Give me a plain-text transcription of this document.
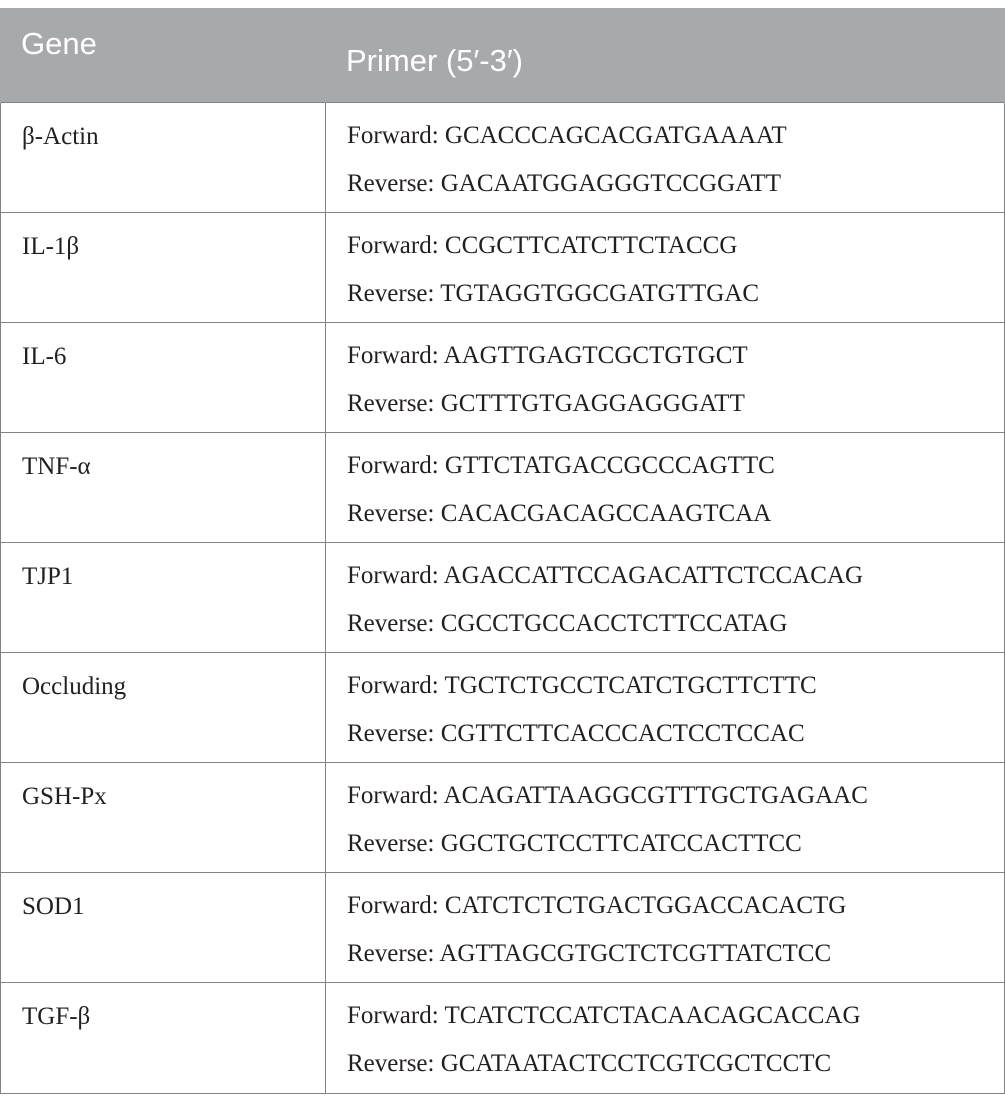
Gene	Primer (5′-3′)
β-Actin	Forward: GCACCCAGCACGATGAAAAT
Reverse: GACAATGGAGGGTCCGGATT

IL-1β	Forward: CCGCTTCATCTTCTACCG
Reverse: TGTAGGTGGCGATGTTGAC

IL-6	Forward: AAGTTGAGTCGCTGTGCT
Reverse: GCTTTGTGAGGAGGGATT

TNF-α	Forward: GTTCTATGACCGCCCAGTTC
Reverse: CACACGACAGCCAAGTCAA

TJP1	Forward: AGACCATTCCAGACATTCTCCACAG
Reverse: CGCCTGCCACCTCTTCCATAG

Occluding	Forward: TGCTCTGCCTCATCTGCTTCTTC
Reverse: CGTTCTTCACCCACTCCTCCAC

GSH-Px	Forward: ACAGATTAAGGCGTTTGCTGAGAAC
Reverse: GGCTGCTCCTTCATCCACTTCC

SOD1	Forward: CATCTCTCTGACTGGACCACACTG
Reverse: AGTTAGCGTGCTCTCGTTATCTCC

TGF-β	Forward: TCATCTCCATCTACAACAGCACCAG
Reverse: GCATAATACTCCTCGTCGCTCCTC
